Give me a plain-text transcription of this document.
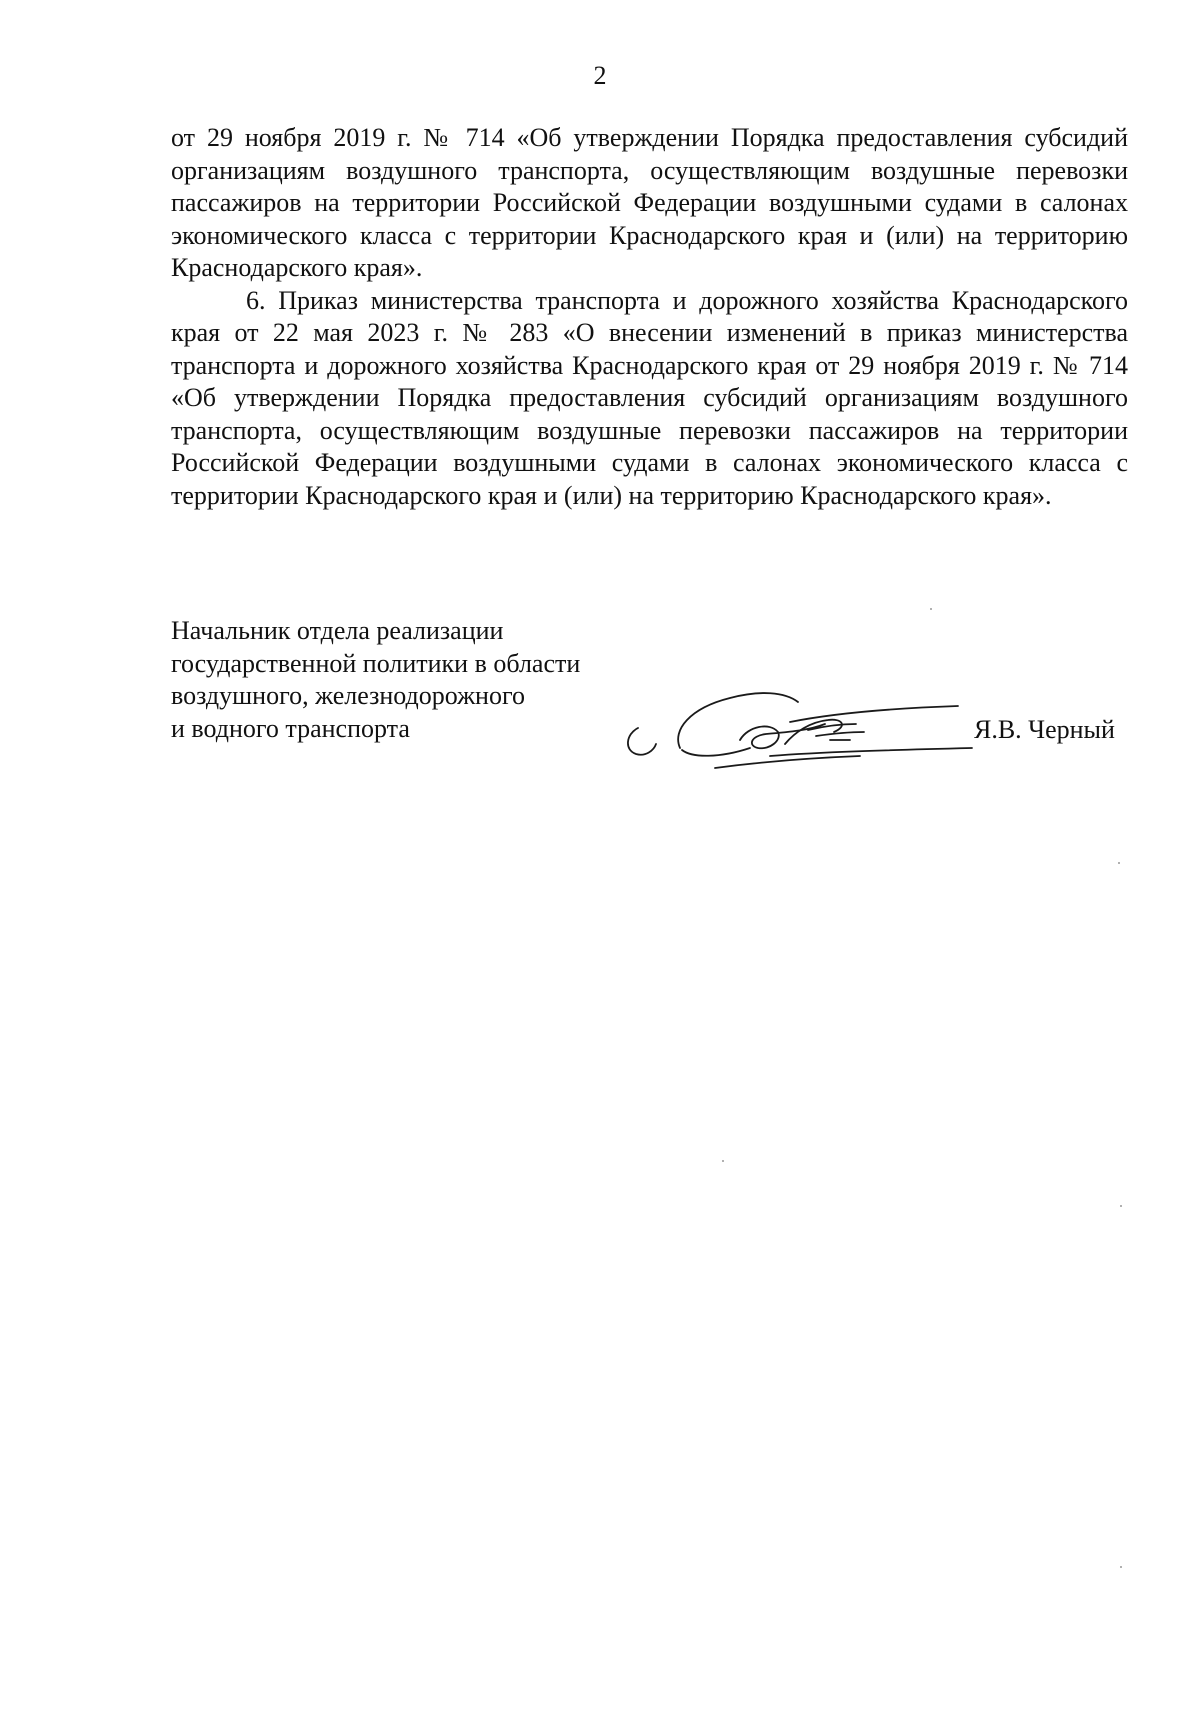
2

от 29 ноября 2019 г. № 714 «Об утверждении Порядка предоставления субсидий организациям воздушного транспорта, осуществляющим воздушные перевозки пассажиров на территории Российской Федерации воздушными судами в салонах экономического класса с территории Краснодарского края и (или) на территорию Краснодарского края».

6. Приказ министерства транспорта и дорожного хозяйства Краснодарского края от 22 мая 2023 г. № 283 «О внесении изменений в приказ министерства транспорта и дорожного хозяйства Краснодарского края от 29 ноября 2019 г. № 714 «Об утверждении Порядка предоставления субсидий организациям воздушного транспорта, осуществляющим воздушные перевозки пассажиров на территории Российской Федерации воздушными судами в салонах экономического класса с территории Краснодарского края и (или) на территорию Краснодарского края».

Начальник отдела реализации
государственной политики в области
воздушного, железнодорожного
и водного транспорта	Я.В. Черный
